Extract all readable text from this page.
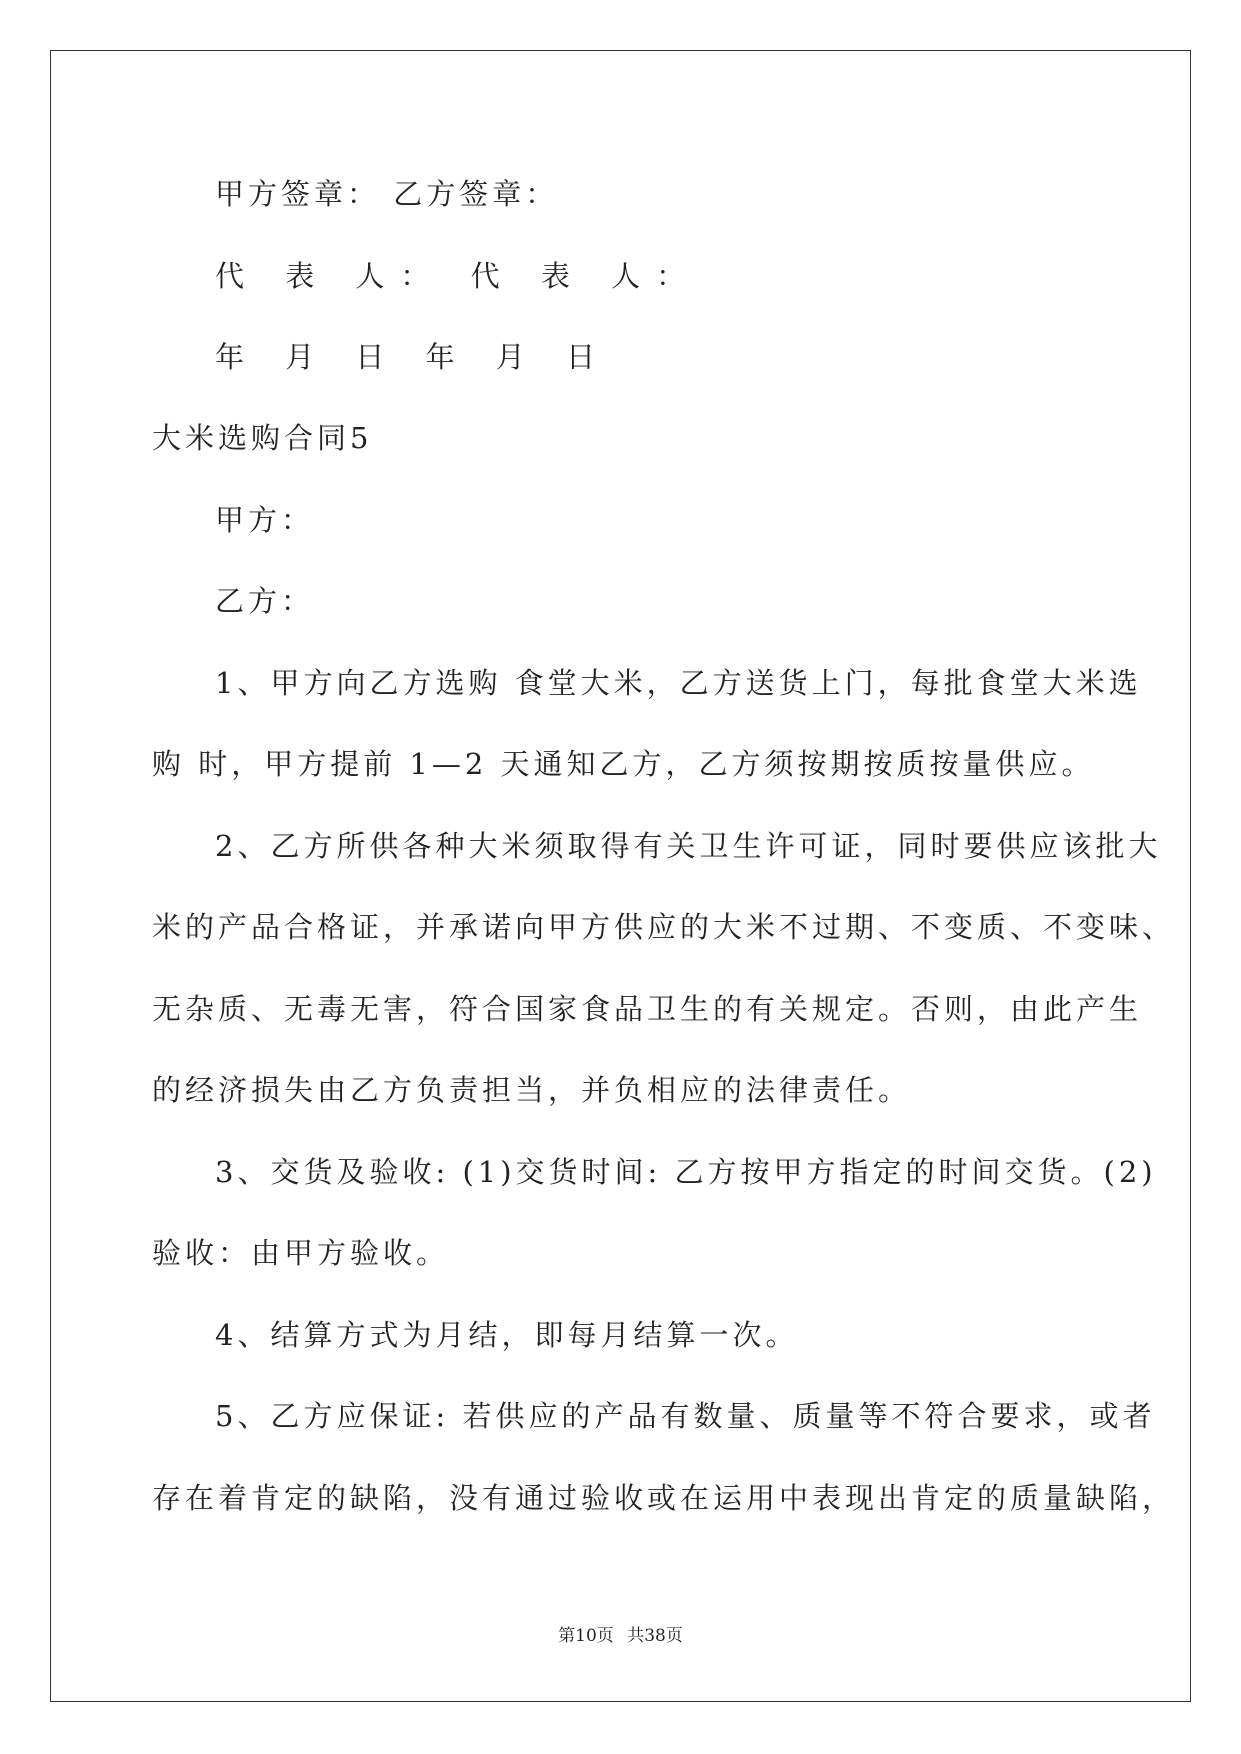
甲方签章： 乙方签章：
代 表 人： 代 表 人：
年 月 日 年 月 日
大米选购合同5
甲方：
乙方：
1、甲方向乙方选购 食堂大米，乙方送货上门，每批食堂大米选
购 时，甲方提前 1—2 天通知乙方，乙方须按期按质按量供应。
2、乙方所供各种大米须取得有关卫生许可证，同时要供应该批大
米的产品合格证，并承诺向甲方供应的大米不过期、不变质、不变味、
无杂质、无毒无害，符合国家食品卫生的有关规定。否则，由此产生
的经济损失由乙方负责担当，并负相应的法律责任。
3、交货及验收: (1)交货时间: 乙方按甲方指定的时间交货。(2)
验收：由甲方验收。
4、结算方式为月结，即每月结算一次。
5、乙方应保证: 若供应的产品有数量、质量等不符合要求，或者
存在着肯定的缺陷，没有通过验收或在运用中表现出肯定的质量缺陷，
第10页 共38页
